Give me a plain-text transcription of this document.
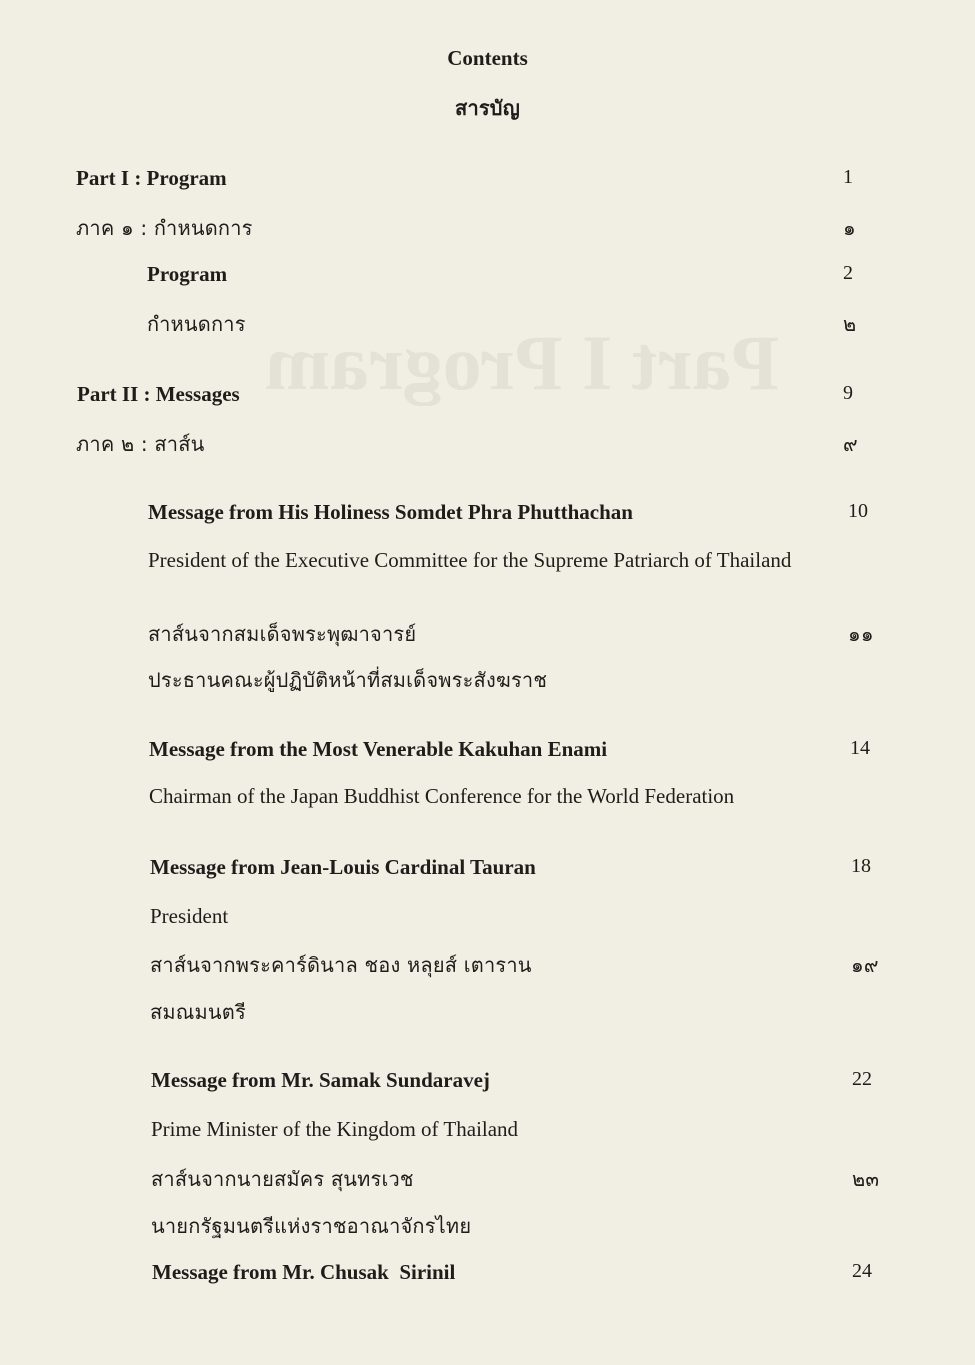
Part I Program
Contents
สารบัญ
Part I : Program	1
ภาค ๑ : กำหนดการ	๑
Program	2
กำหนดการ	๒
Part II : Messages	9
ภาค ๒ : สาส์น	๙
Message from His Holiness Somdet Phra Phutthachan	10
President of the Executive Committee for the Supreme Patriarch of Thailand
สาส์นจากสมเด็จพระพุฒาจารย์	๑๑
ประธานคณะผู้ปฏิบัติหน้าที่สมเด็จพระสังฆราช
Message from the Most Venerable Kakuhan Enami	14
Chairman of the Japan Buddhist Conference for the World Federation
Message from Jean-Louis Cardinal Tauran	18
President
สาส์นจากพระคาร์ดินาล ชอง หลุยส์ เตาราน	๑๙
สมณมนตรี
Message from Mr. Samak Sundaravej	22
Prime Minister of the Kingdom of Thailand
สาส์นจากนายสมัคร สุนทรเวช	๒๓
นายกรัฐมนตรีแห่งราชอาณาจักรไทย
Message from Mr. Chusak  Sirinil	24
